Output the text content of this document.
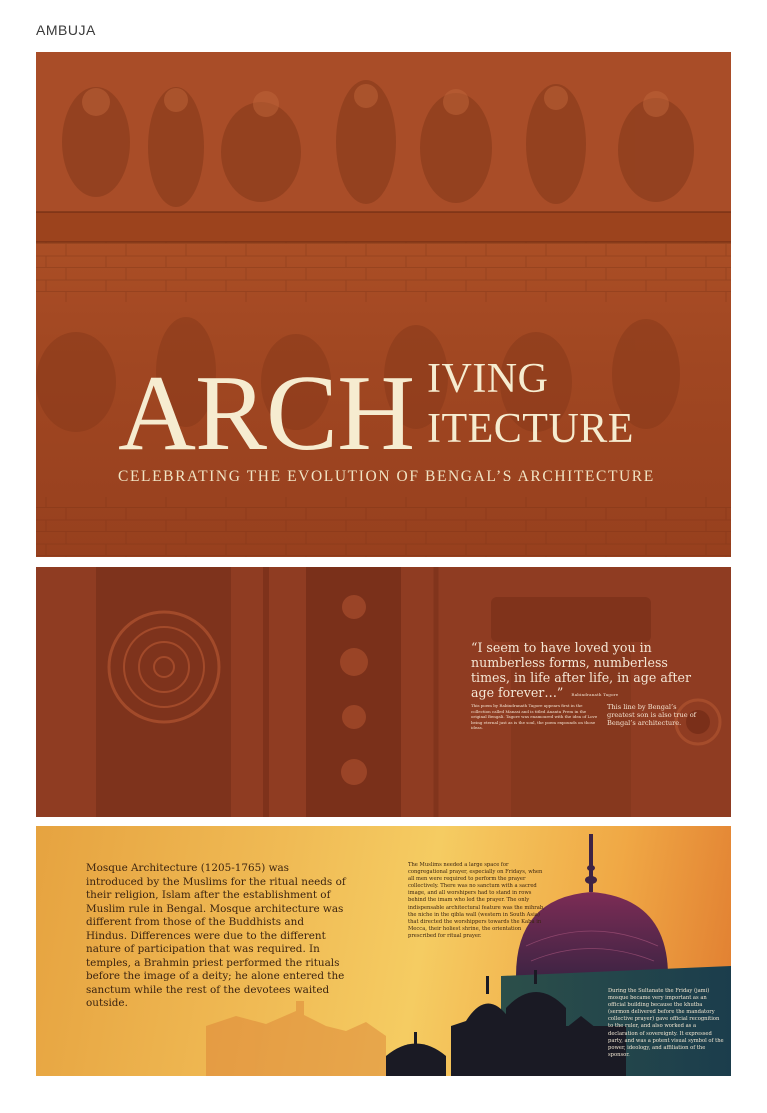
AMBUJA
ARCH IVING
ITECTURE
CELEBRATING THE EVOLUTION OF BENGAL’S ARCHITECTURE
“I seem to have loved you in numberless forms, numberless times, in life after life, in age after age forever…” Rabindranath Tagore
This poem by Rabindranath Tagore appears first in the collection called Manasi and is titled Ananta Prem in the original Bengali. Tagore was enamoured with the idea of Love being eternal just as is the soul, the poem expounds on those ideas.
This line by Bengal’s greatest son is also true of Bengal’s architecture.
Mosque Architecture (1205-1765) was introduced by the Muslims for the ritual needs of their religion, Islam after the establishment of Muslim rule in Bengal. Mosque architecture was different from those of the Buddhists and Hindus. Differences were due to the different nature of participation that was required. In temples, a Brahmin priest performed the rituals before the image of a deity; he alone entered the sanctum while the rest of the devotees waited outside.
The Muslims needed a large space for congregational prayer, especially on Fridays, when all men were required to perform the prayer collectively. There was no sanctum with a sacred image, and all worshipers had to stand in rows behind the imam who led the prayer. The only indispensable architectural feature was the mihrab, the niche in the qibla wall (western in South Asia) that directed the worshippers towards the Kaba in Mecca, their holiest shrine, the orientation prescribed for ritual prayer.
During the Sultanate the Friday (jami) mosque became very important as an official building because the khutba (sermon delivered before the mandatory collective prayer) gave official recognition to the ruler, and also worked as a declaration of sovereignty. It expressed party, and was a potent visual symbol of the power, ideology, and affiliation of the sponsor.
